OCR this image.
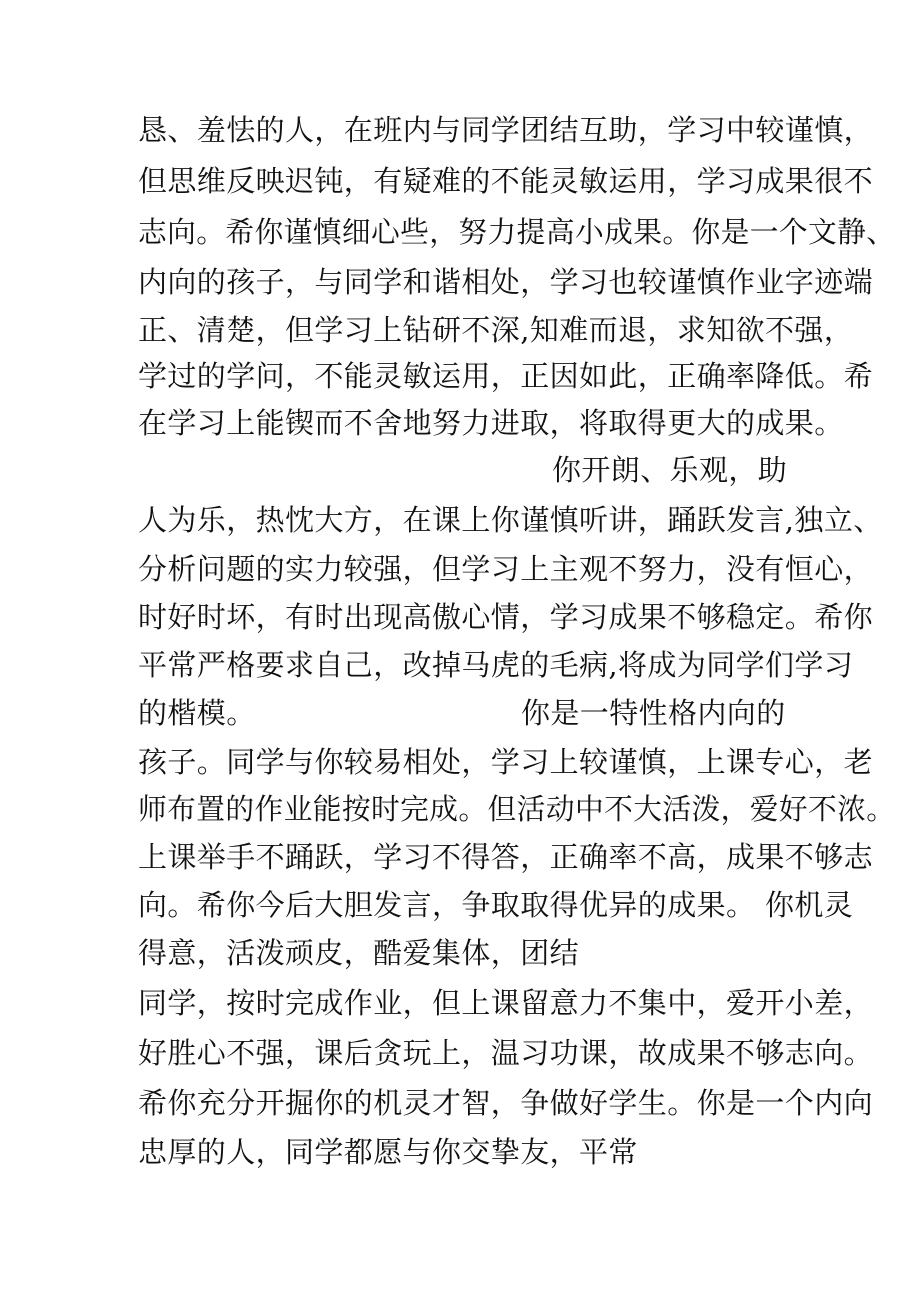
恳、羞怯的人，在班内与同学团结互助，学习中较谨慎，
但思维反映迟钝，有疑难的不能灵敏运用，学习成果很不
志向。希你谨慎细心些，努力提高小成果。你是一个文静、
内向的孩子，与同学和谐相处，学习也较谨慎作业字迹端
正、清楚，但学习上钻研不深,知难而退，求知欲不强，
学过的学问，不能灵敏运用，正因如此，正确率降低。希
在学习上能锲而不舍地努力进取，将取得更大的成果。
你开朗、乐观，助
人为乐，热忱大方，在课上你谨慎听讲，踊跃发言,独立、
分析问题的实力较强，但学习上主观不努力，没有恒心，
时好时坏，有时出现高傲心情，学习成果不够稳定。希你
平常严格要求自己，改掉马虎的毛病,将成为同学们学习
的楷模。	你是一特性格内向的
孩子。同学与你较易相处，学习上较谨慎，上课专心，老
师布置的作业能按时完成。但活动中不大活泼，爱好不浓。
上课举手不踊跃，学习不得答，正确率不高，成果不够志
向。希你今后大胆发言，争取取得优异的成果。 你机灵
得意，活泼顽皮，酷爱集体，团结
同学，按时完成作业，但上课留意力不集中，爱开小差，
好胜心不强，课后贪玩上，温习功课，故成果不够志向。
希你充分开掘你的机灵才智，争做好学生。你是一个内向
忠厚的人，同学都愿与你交挚友，平常
